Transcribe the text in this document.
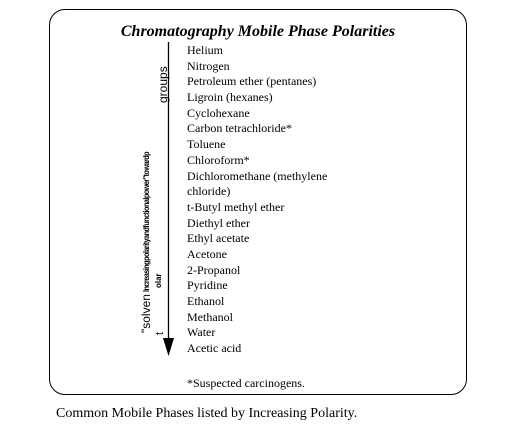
Chromatography Mobile Phase Polarities
Helium
Nitrogen
Petroleum ether (pentanes)
Ligroin (hexanes)
Cyclohexane
Carbon tetrachloride*
Toluene
Chloroform*
Dichloromethane (methylene
chloride)
t-Butyl methyl ether
Diethyl ether
Ethyl acetate
Acetone
2-Propanol
Pyridine
Ethanol
Methanol
Water
Acetic acid
groups
Increasingpolarityandfunctionalpower"towardp olar
"solven
t
*Suspected carcinogens.
Common Mobile Phases listed by Increasing Polarity.
